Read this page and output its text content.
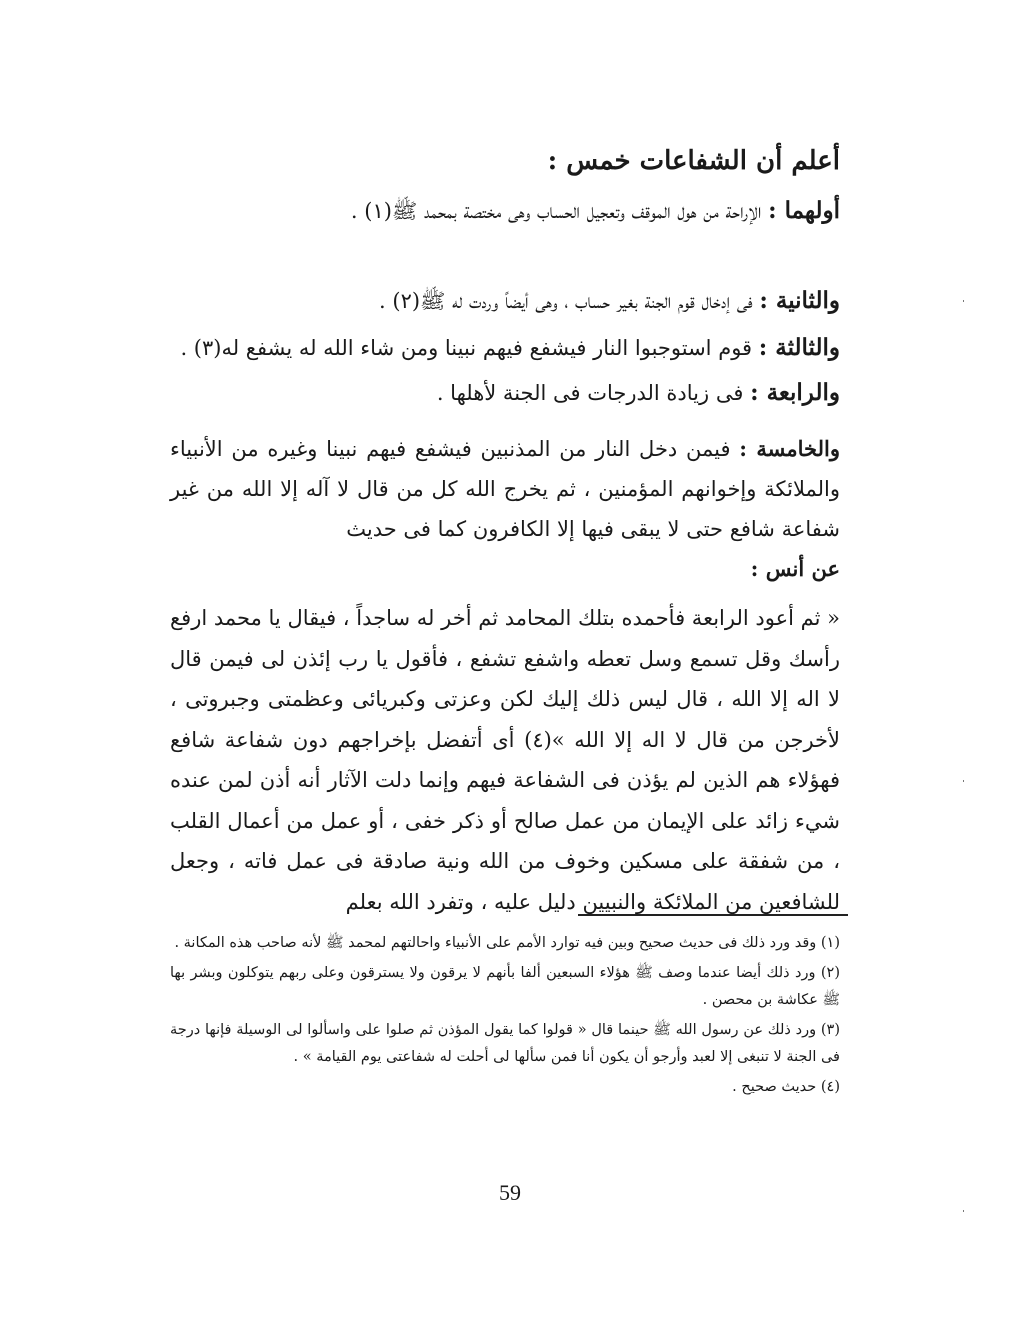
أعلم أن الشفاعات خمس :
أولهما : الإراحة من هول الموقف وتعجيل الحساب وهى مختصة بمحمد ﷺ(١) .
والثانية : فى إدخال قوم الجنة بغير حساب ، وهى أيضاً وردت له ﷺ(٢) .
والثالثة : قوم استوجبوا النار فيشفع فيهم نبينا ومن شاء الله له يشفع له(٣) .
والرابعة : فى زيادة الدرجات فى الجنة لأهلها .
والخامسة : فيمن دخل النار من المذنبين فيشفع فيهم نبينا وغيره من الأنبياء والملائكة وإخوانهم المؤمنين ، ثم يخرج الله كل من قال لا آله إلا الله من غير شفاعة شافع حتى لا يبقى فيها إلا الكافرون كما فى حديث
عن أنس :
« ثم أعود الرابعة فأحمده بتلك المحامد ثم أخر له ساجداً ، فيقال يا محمد ارفع رأسك وقل تسمع وسل تعطه واشفع تشفع ، فأقول يا رب إئذن لى فيمن قال لا اله إلا الله ، قال ليس ذلك إليك لكن وعزتى وكبريائى وعظمتى وجبروتى ، لأخرجن من قال لا اله إلا الله »(٤) أى أتفضل بإخراجهم دون شفاعة شافع فهؤلاء هم الذين لم يؤذن فى الشفاعة فيهم وإنما دلت الآثار أنه أذن لمن عنده شيء زائد على الإيمان من عمل صالح أو ذكر خفى ، أو عمل من أعمال القلب ، من شفقة على مسكين وخوف من الله ونية صادقة فى عمل فاته ، وجعل للشافعين من الملائكة والنبيين دليل عليه ، وتفرد الله بعلم
(١) وقد ورد ذلك فى حديث صحيح وبين فيه توارد الأمم على الأنبياء واحالتهم لمحمد ﷺ لأنه صاحب هذه المكانة .
(٢) ورد ذلك أيضا عندما وصف ﷺ هؤلاء السبعين ألفا بأنهم لا يرقون ولا يسترقون وعلى ربهم يتوكلون وبشر بها ﷺ عكاشة بن محصن .
(٣) ورد ذلك عن رسول الله ﷺ حينما قال « قولوا كما يقول المؤذن ثم صلوا على واسألوا لى الوسيلة فإنها درجة فى الجنة لا تنبغى إلا لعبد وأرجو أن يكون أنا فمن سألها لى أحلت له شفاعتى يوم القيامة » .
(٤) حديث صحيح .
59
